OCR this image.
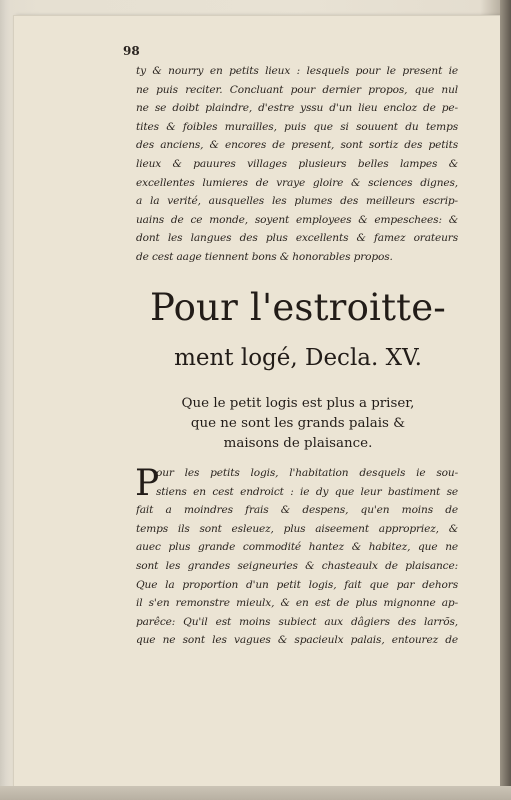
98
ty & nourry en petits lieux : lesquels pour le present ie
ne puis reciter. Concluant pour dernier propos, que nul
ne se doibt plaindre, d'estre yssu d'un lieu encloz de pe-
tites & foibles murailles, puis que si souuent du temps
des anciens, & encores de present, sont sortiz des petits
lieux & pauures villages plusieurs belles lampes &
excellentes lumieres de vraye gloire & sciences dignes,
a la verité, ausquelles les plumes des meilleurs escrip-
uains de ce monde, soyent employees & empeschees: &
dont les langues des plus excellents & famez orateurs
de cest aage tiennent bons & honorables propos.
Pour l'estroitte-
ment logé, Decla. XV.
Que le petit logis est plus a priser,
que ne sont les grands palais &
maisons de plaisance.
P
our les petits logis, l'habitation desquels ie sou-
stiens en cest endroict : ie dy que leur bastiment se
fait a moindres frais & despens, qu'en moins de
temps ils sont esleuez, plus aiseement appropriez, &
auec plus grande commodité hantez & habitez, que ne
sont les grandes seigneuries & chasteaulx de plaisance:
Que la proportion d'un petit logis, fait que par dehors
il s'en remonstre mieulx, & en est de plus mignonne ap-
parêce: Qu'il est moins subiect aux dâgiers des larrõs,
que ne sont les vagues & spacieulx palais, entourez de
